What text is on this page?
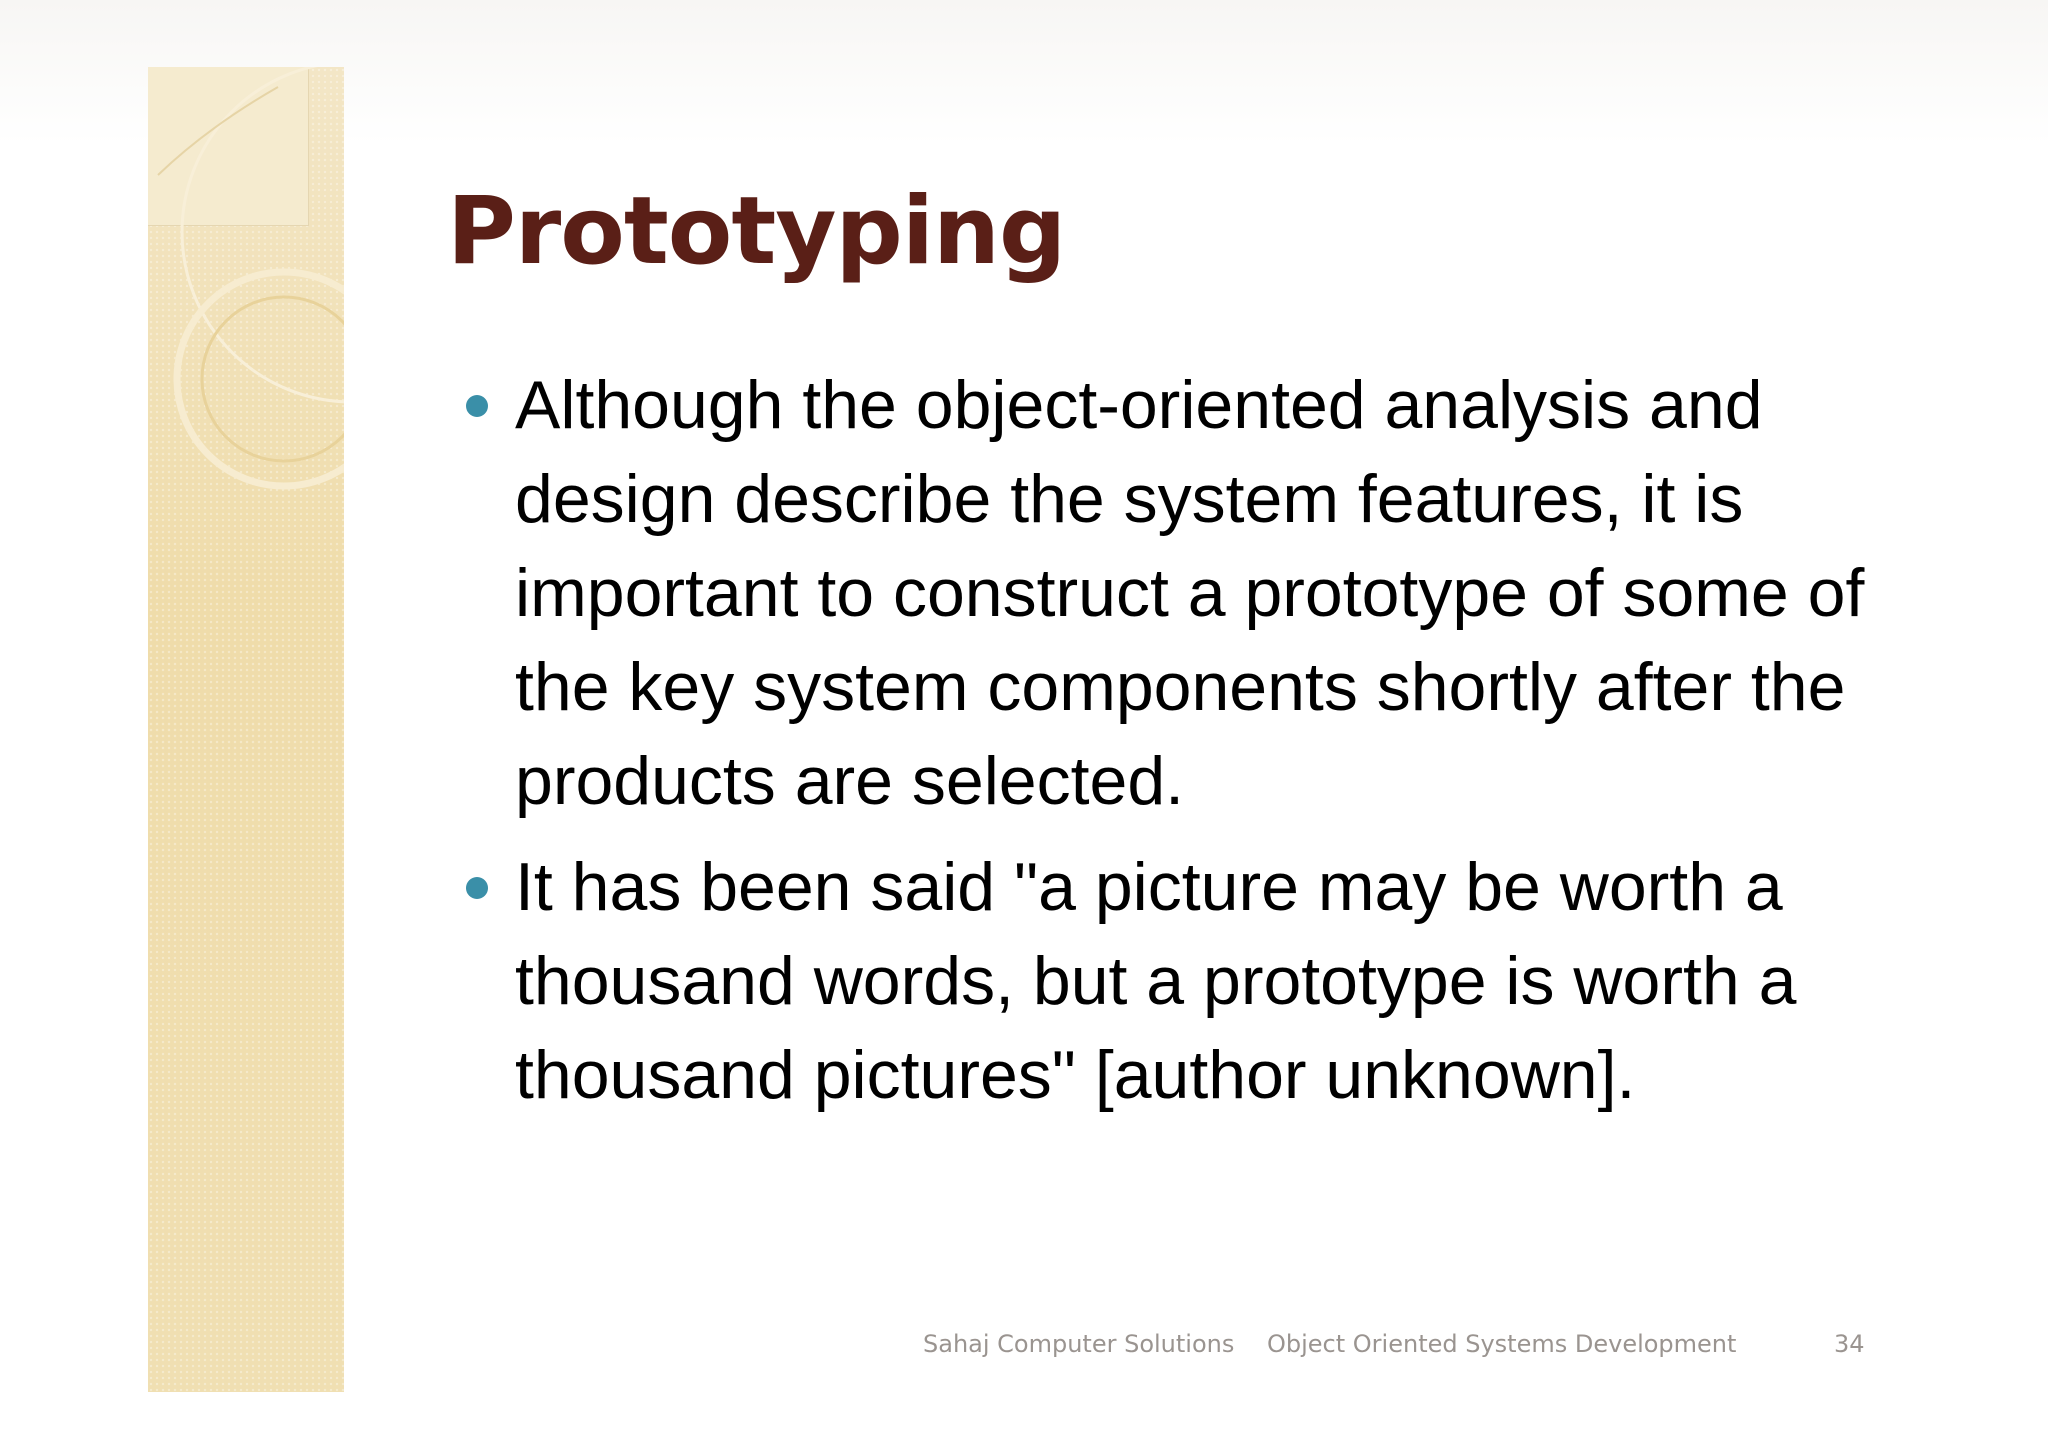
Prototyping
Although the object-oriented analysis and design describe the system features, it is important to construct a prototype of some of the key system components shortly after the products are selected.
It has been said "a picture may be worth a thousand words, but a prototype is worth a thousand pictures" [author unknown].
Sahaj Computer Solutions Object Oriented Systems Development	34
